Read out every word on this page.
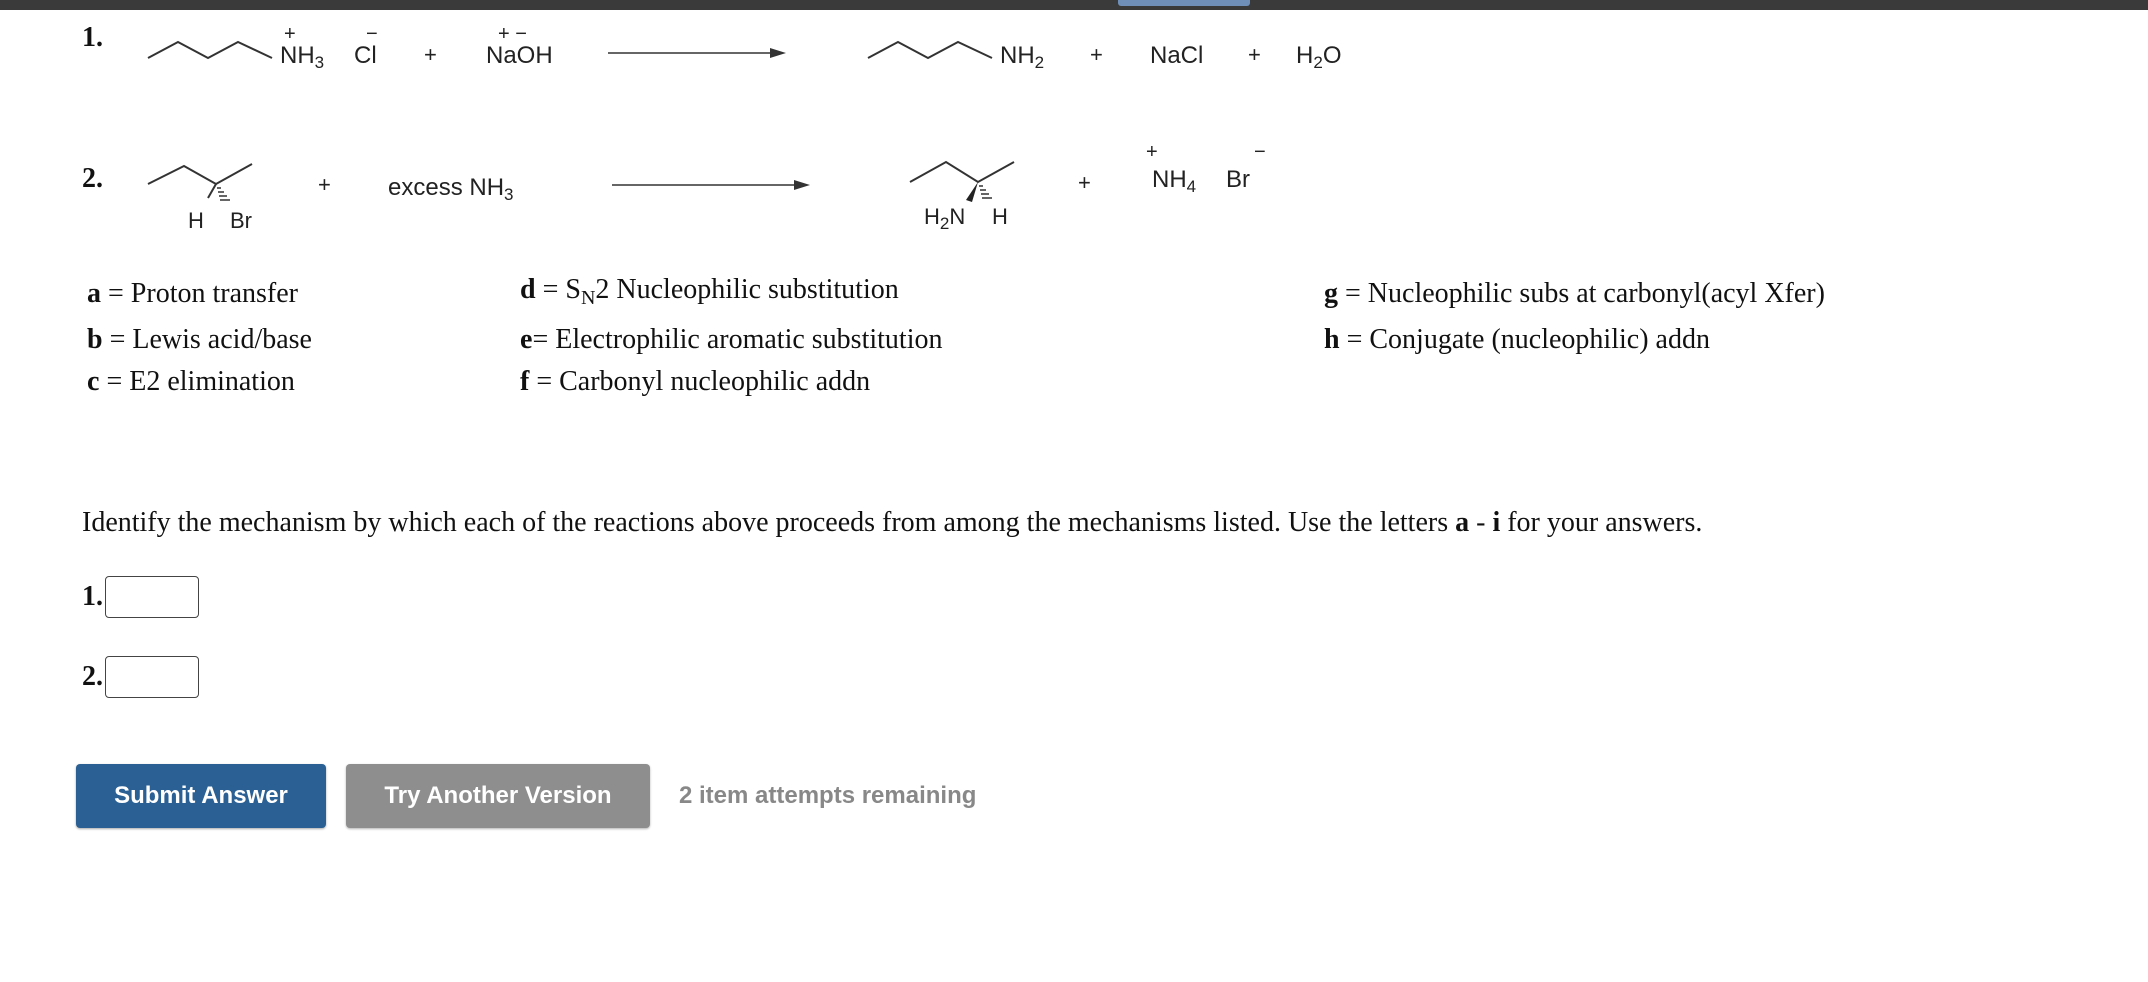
1.	+
$NH_3$
−
Cl +
+ −
NaOH	$NH_2$ + NaCl + $H_2O$
2.
H Br
+ excess $NH_3$
$H_2N$ H
+
+
$NH_4$
−
Br
a = Proton transfer
b = Lewis acid/base
c = E2 elimination
$d = S_N2$ Nucleophilic substitution
e= Electrophilic aromatic substitution
f = Carbonyl nucleophilic addn
g = Nucleophilic subs at carbonyl(acyl Xfer)
h = Conjugate (nucleophilic) addn
Identify the mechanism by which each of the reactions above proceeds from among the mechanisms listed. Use the letters a - i for your answers.
1.
2.
Submit Answer	Try Another Version	2 item attempts remaining
